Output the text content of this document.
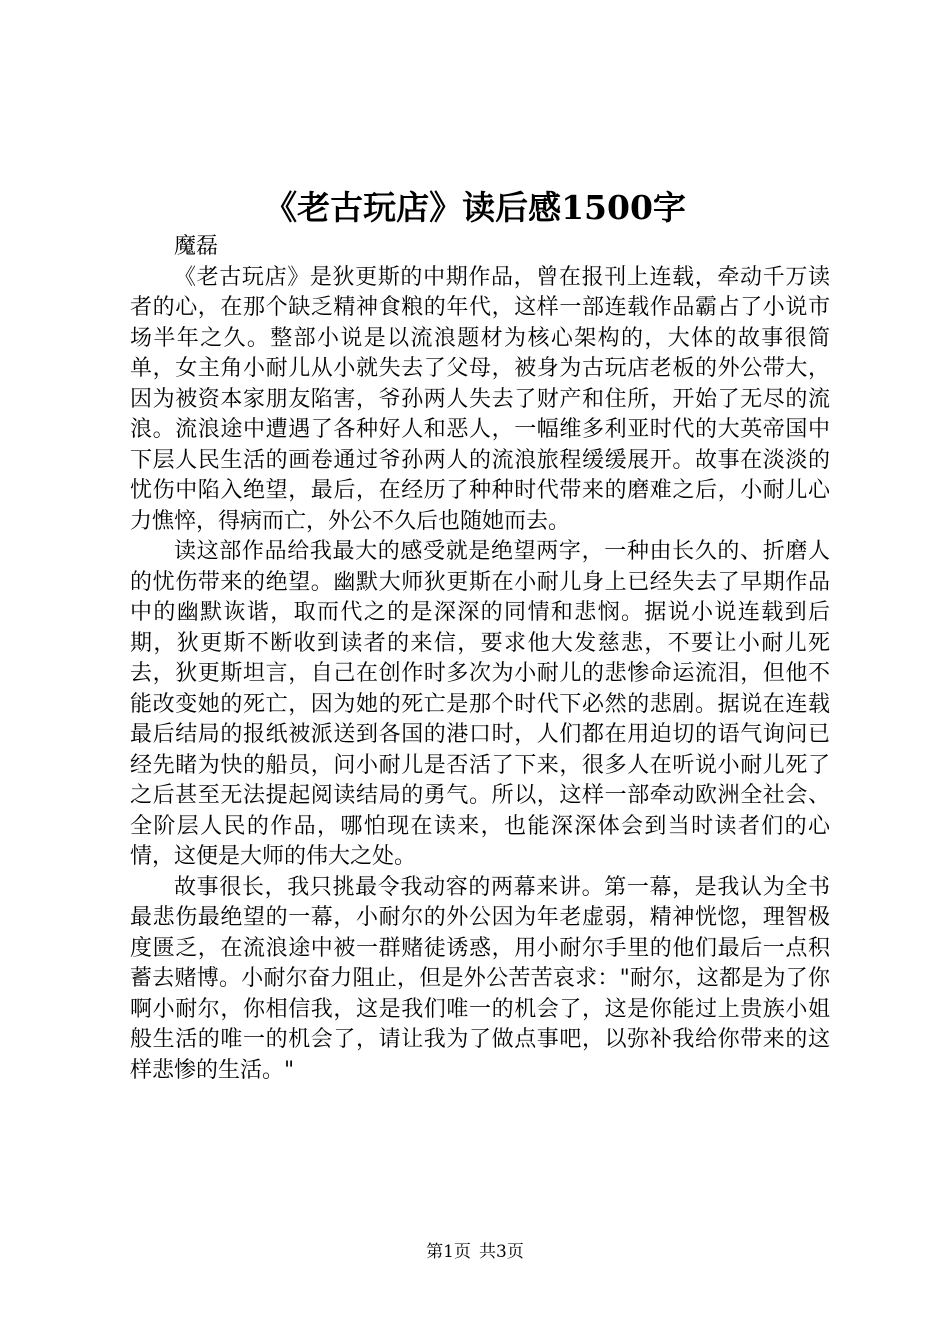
《老古玩店》读后感1500字

魔磊

《老古玩店》是狄更斯的中期作品，曾在报刊上连载，牵动千万读者的心，在那个缺乏精神食粮的年代，这样一部连载作品霸占了小说市场半年之久。整部小说是以流浪题材为核心架构的，大体的故事很简单，女主角小耐儿从小就失去了父母，被身为古玩店老板的外公带大，因为被资本家朋友陷害，爷孙两人失去了财产和住所，开始了无尽的流浪。流浪途中遭遇了各种好人和恶人，一幅维多利亚时代的大英帝国中下层人民生活的画卷通过爷孙两人的流浪旅程缓缓展开。故事在淡淡的忧伤中陷入绝望，最后，在经历了种种时代带来的磨难之后，小耐儿心力憔悴，得病而亡，外公不久后也随她而去。

读这部作品给我最大的感受就是绝望两字，一种由长久的、折磨人的忧伤带来的绝望。幽默大师狄更斯在小耐儿身上已经失去了早期作品中的幽默诙谐，取而代之的是深深的同情和悲悯。据说小说连载到后期，狄更斯不断收到读者的来信，要求他大发慈悲，不要让小耐儿死去，狄更斯坦言，自己在创作时多次为小耐儿的悲惨命运流泪，但他不能改变她的死亡，因为她的死亡是那个时代下必然的悲剧。据说在连载最后结局的报纸被派送到各国的港口时，人们都在用迫切的语气询问已经先睹为快的船员，问小耐儿是否活了下来，很多人在听说小耐儿死了之后甚至无法提起阅读结局的勇气。所以，这样一部牵动欧洲全社会、全阶层人民的作品，哪怕现在读来，也能深深体会到当时读者们的心情，这便是大师的伟大之处。

故事很长，我只挑最令我动容的两幕来讲。第一幕，是我认为全书最悲伤最绝望的一幕，小耐尔的外公因为年老虚弱，精神恍惚，理智极度匮乏，在流浪途中被一群赌徒诱惑，用小耐尔手里的他们最后一点积蓄去赌博。小耐尔奋力阻止，但是外公苦苦哀求："耐尔，这都是为了你啊小耐尔，你相信我，这是我们唯一的机会了，这是你能过上贵族小姐般生活的唯一的机会了，请让我为了做点事吧，以弥补我给你带来的这样悲惨的生活。"

第1页 共3页
